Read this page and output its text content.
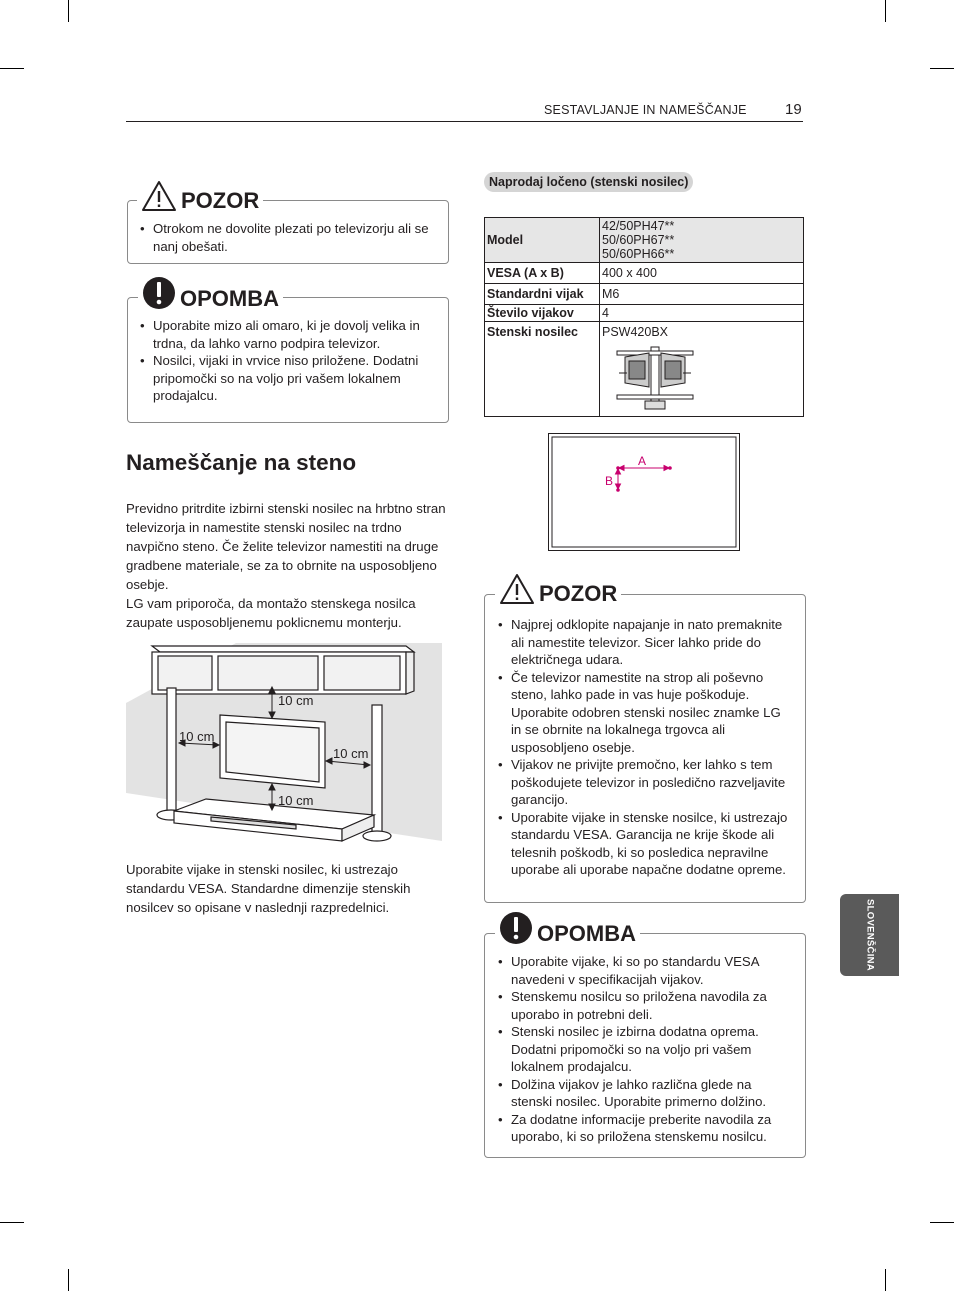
SESTAVLJANJE IN NAMEŠČANJE	19
• Otrokom ne dovolite plezati po televizorju ali se nanj obešati.
POZOR
• Uporabite mizo ali omaro, ki je dovolj velika in trdna, da lahko varno podpira televizor.
• Nosilci, vijaki in vrvice niso priložene. Dodatni pripomočki so na voljo pri vašem lokalnem prodajalcu.
OPOMBA
Nameščanje na steno
Previdno pritrdite izbirni stenski nosilec na hrbtno stran televizorja in namestite stenski nosilec na trdno navpično steno. Če želite televizor namestiti na druge gradbene materiale, se za to obrnite na usposobljeno osebje.
LG vam priporoča, da montažo stenskega nosilca zaupate usposobljenemu poklicnemu monterju.
10 cm
10 cm
10 cm
10 cm
Uporabite vijake in stenski nosilec, ki ustrezajo standardu VESA. Standardne dimenzije stenskih nosilcev so opisane v naslednji razpredelnici.
Naprodaj ločeno (stenski nosilec)
Model	42/50PH47**
50/60PH67**
50/60PH66**

VESA (A x B)	400 x 400
Standardni vijak	M6
Število vijakov	4
Stenski nosilec	PSW420BX
A
B
• Najprej odklopite napajanje in nato premaknite ali namestite televizor. Sicer lahko pride do električnega udara.
• Če televizor namestite na strop ali poševno steno, lahko pade in vas huje poškoduje. Uporabite odobren stenski nosilec znamke LG in se obrnite na lokalnega trgovca ali usposobljeno osebje.
• Vijakov ne privijte premočno, ker lahko s tem poškodujete televizor in posledično razveljavite garancijo.
• Uporabite vijake in stenske nosilce, ki ustrezajo standardu VESA. Garancija ne krije škode ali telesnih poškodb, ki so posledica nepravilne uporabe ali uporabe napačne dodatne opreme.
POZOR
• Uporabite vijake, ki so po standardu VESA navedeni v specifikacijah vijakov.
• Stenskemu nosilcu so priložena navodila za uporabo in potrebni deli.
• Stenski nosilec je izbirna dodatna oprema. Dodatni pripomočki so na voljo pri vašem lokalnem prodajalcu.
• Dolžina vijakov je lahko različna glede na stenski nosilec. Uporabite primerno dolžino.
• Za dodatne informacije preberite navodila za uporabo, ki so priložena stenskemu nosilcu.
OPOMBA	SLOVENŠČINA
